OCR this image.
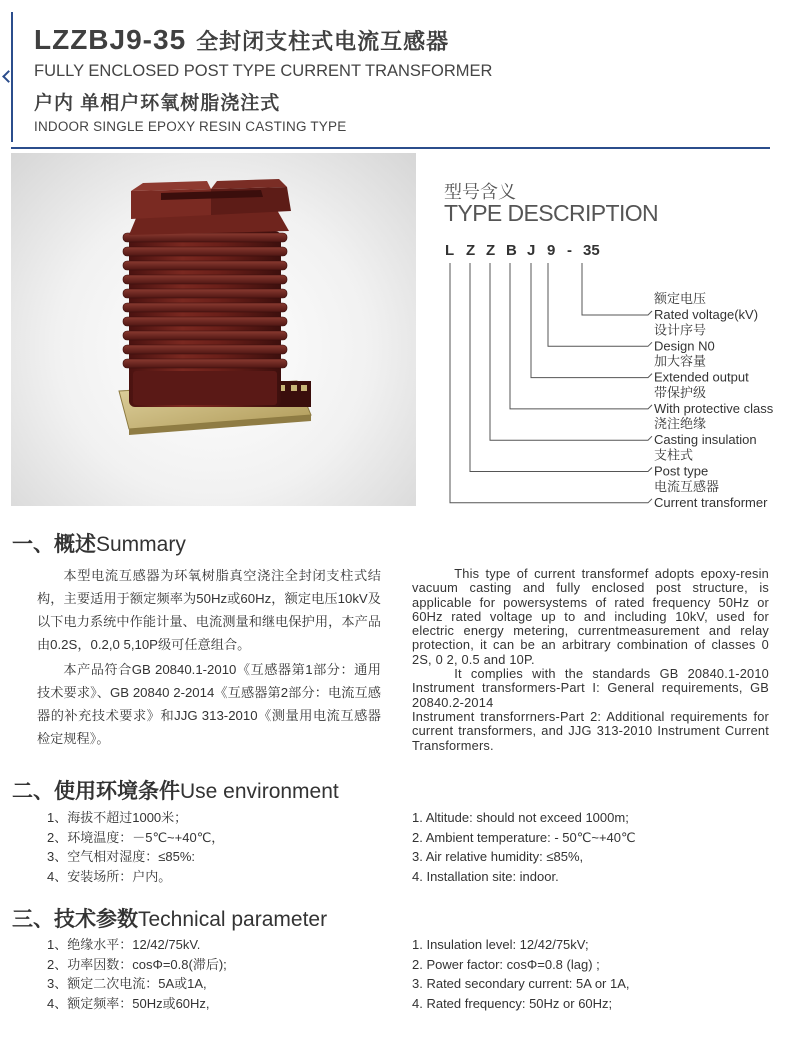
LZZBJ9-35 全封闭支柱式电流互感器
FULLY ENCLOSED POST TYPE CURRENT TRANSFORMER
户内 单相户环氧树脂浇注式
INDOOR SINGLE EPOXY RESIN CASTING TYPE
型号含义
TYPE DESCRIPTION
L Z Z B J 9 - 35
额定电压
Rated voltage(kV)
设计序号
Design N0
加大容量
Extended output
带保护级
With protective class
浇注绝缘
Casting insulation
支柱式
Post type
电流互感器
Current transformer
一、概述Summary

本型电流互感器为环氧树脂真空浇注全封闭支柱式结构，主要适用于额定频率为50Hz或60Hz，额定电压10kV及以下电力系统中作能计量、电流测量和继电保护用，本产品由0.2S，0.2,0 5,10P级可任意组合。

本产品符合GB 20840.1-2010《互感器第1部分：通用技术要求》、GB 20840 2-2014《互感器第2部分：电流互感器的补充技术要求》和JJG 313-2010《测量用电流互感器检定规程》。

This type of current transformef adopts epoxy-resin vacuum casting and fully enclosed post structure, is applicable for powersystems of rated frequency 50Hz or 60Hz rated voltage up to and including 10kV, used for electric energy metering, currentmeasurement and relay protection, it can be an arbitrary combination of classes 0 2S, 0 2, 0.5 and 10P.

It complies with the standards GB 20840.1-2010 Instrument transformers-Part I: General requirements, GB 20840.2-2014

Instrument transforrners-Part 2: Additional requirements for current transformers, and JJG 313-2010 Instrument Current Transformers.

二、使用环境条件Use environment
1、海拔不超过1000米；
2、环境温度：－5℃~+40℃，
3、空气相对湿度：≤85%:
4、安装场所：户内。
1. Altitude: should not exceed 1000m;
2. Ambient temperature: - 50℃~+40℃
3. Air relative humidity: ≤85%,
4. Installation site: indoor.
三、技术参数Technical parameter
1、绝缘水平：12/42/75kV.
2、功率因数：cosΦ=0.8(滞后);
3、额定二次电流：5A或1A,
4、额定频率：50Hz或60Hz,
1. Insulation level: 12/42/75kV;
2. Power factor: cosΦ=0.8 (lag) ;
3. Rated secondary current: 5A or 1A,
4. Rated frequency: 50Hz or 60Hz;
